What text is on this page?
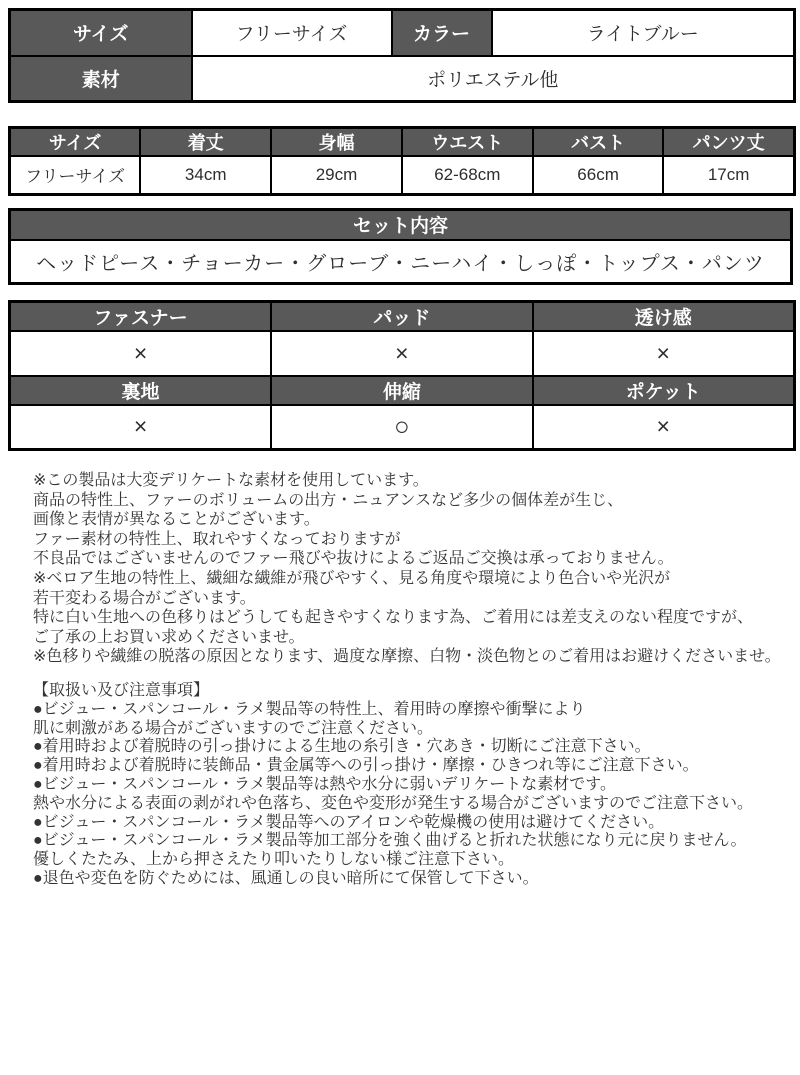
サイズ	フリーサイズ	カラー	ライトブルー
素材	ポリエステル他		
サイズ	着丈	身幅	ウエスト	バスト	パンツ丈
フリーサイズ	34cm	29cm	62-68cm	66cm	17cm
セット内容
ヘッドピース・チョーカー・グローブ・ニーハイ・しっぽ・トップス・パンツ
ファスナー	パッド	透け感
×	×	×
裏地	伸縮	ポケット
×	○	×
※この製品は大変デリケートな素材を使用しています。
商品の特性上、ファーのボリュームの出方・ニュアンスなど多少の個体差が生じ、
画像と表情が異なることがございます。
ファー素材の特性上、取れやすくなっておりますが
不良品ではございませんのでファー飛びや抜けによるご返品ご交換は承っておりません。
※ベロア生地の特性上、繊細な繊維が飛びやすく、見る角度や環境により色合いや光沢が
若干変わる場合がございます。
特に白い生地への色移りはどうしても起きやすくなります為、ご着用には差支えのない程度ですが、
ご了承の上お買い求めくださいませ。
※色移りや繊維の脱落の原因となります、過度な摩擦、白物・淡色物とのご着用はお避けくださいませ。
【取扱い及び注意事項】
●ビジュー・スパンコール・ラメ製品等の特性上、着用時の摩擦や衝撃により
肌に刺激がある場合がございますのでご注意ください。
●着用時および着脱時の引っ掛けによる生地の糸引き・穴あき・切断にご注意下さい。
●着用時および着脱時に装飾品・貴金属等への引っ掛け・摩擦・ひきつれ等にご注意下さい。
●ビジュー・スパンコール・ラメ製品等は熱や水分に弱いデリケートな素材です。
熱や水分による表面の剥がれや色落ち、変色や変形が発生する場合がございますのでご注意下さい。
●ビジュー・スパンコール・ラメ製品等へのアイロンや乾燥機の使用は避けてください。
●ビジュー・スパンコール・ラメ製品等加工部分を強く曲げると折れた状態になり元に戻りません。
優しくたたみ、上から押さえたり叩いたりしない様ご注意下さい。
●退色や変色を防ぐためには、風通しの良い暗所にて保管して下さい。
